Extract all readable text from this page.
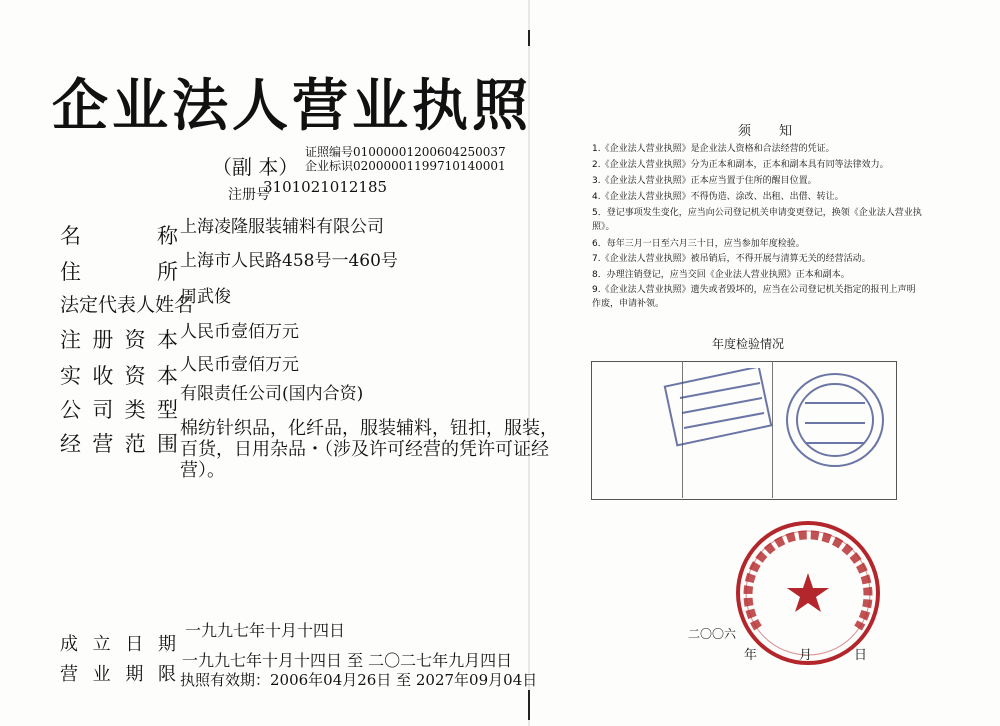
企业法人营业执照
（副 本）
证照编号01000001200604250037
企业标识02000001199710140001
注册号
3101021012185
名	称 上海凌隆服装辅料有限公司
住	所 上海市人民路458号一460号
法定代表人姓名
周武俊
注 册 资 本 人民币壹佰万元
实 收 资 本 人民币壹佰万元
公 司 类 型
有限责任公司(国内合资)
经 营 范 围
棉纺针织品，化纤品，服装辅料，钮扣，服装，百货，日用杂品・（涉及许可经营的凭许可证经营）。
成 立 日 期
一九九七年十月十四日
营 业 期 限
一九九七年十月十四日 至 二〇二七年九月四日
执照有效期：2006年04月26日 至 2027年09月04日
须知
1.《企业法人营业执照》是企业法人资格和合法经营的凭证。
2.《企业法人营业执照》分为正本和副本，正本和副本具有同等法律效力。
3.《企业法人营业执照》正本应当置于住所的醒目位置。
4.《企业法人营业执照》不得伪造、涂改、出租、出借、转让。
5．登记事项发生变化，应当向公司登记机关申请变更登记，换领《企业法人营业执照》。
6．每年三月一日至六月三十日，应当参加年度检验。
7.《企业法人营业执照》被吊销后，不得开展与清算无关的经营活动。
8．办理注销登记，应当交回《企业法人营业执照》正本和副本。
9.《企业法人营业执照》遗失或者毁坏的，应当在公司登记机关指定的报刊上声明作废，申请补领。
年度检验情况
二〇〇六
年月日
